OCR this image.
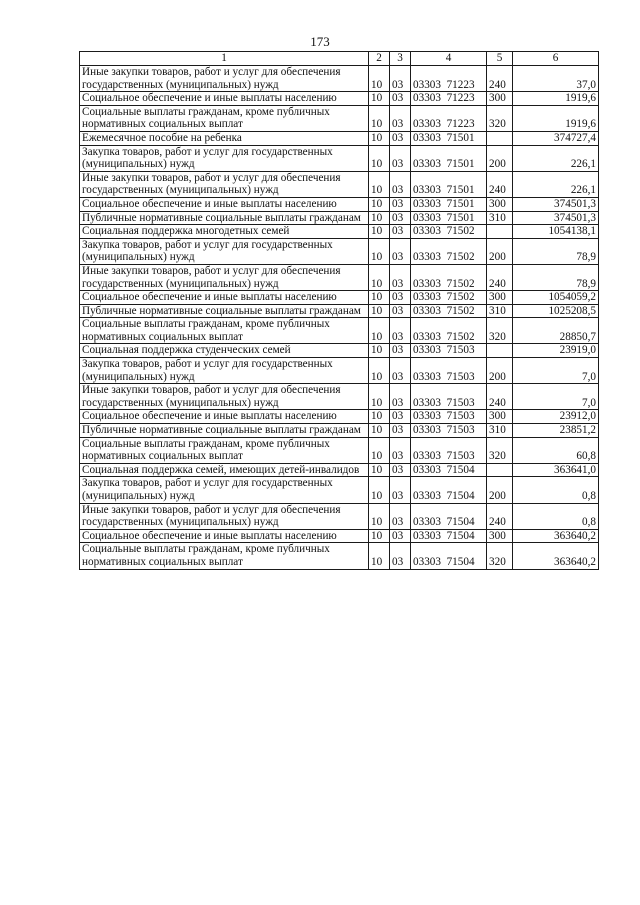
173
1	2	3	4	5	6
Иные закупки товаров, работ и услуг для обеспечения государственных (муниципальных) нужд	10	03	03303  71223	240	37,0
Социальное обеспечение и иные выплаты населению	10	03	03303  71223	300	1919,6
Социальные выплаты гражданам, кроме публичных нормативных социальных выплат	10	03	03303  71223	320	1919,6
Ежемесячное пособие на ребенка	10	03	03303  71501		374727,4
Закупка товаров, работ и услуг для государственных (муниципальных) нужд	10	03	03303  71501	200	226,1
Иные закупки товаров, работ и услуг для обеспечения государственных (муниципальных) нужд	10	03	03303  71501	240	226,1
Социальное обеспечение и иные выплаты населению	10	03	03303  71501	300	374501,3
Публичные нормативные социальные выплаты гражданам	10	03	03303  71501	310	374501,3
Социальная поддержка многодетных семей	10	03	03303  71502		1054138,1
Закупка товаров, работ и услуг для государственных (муниципальных) нужд	10	03	03303  71502	200	78,9
Иные закупки товаров, работ и услуг для обеспечения государственных (муниципальных) нужд	10	03	03303  71502	240	78,9
Социальное обеспечение и иные выплаты населению	10	03	03303  71502	300	1054059,2
Публичные нормативные социальные выплаты гражданам	10	03	03303  71502	310	1025208,5
Социальные выплаты гражданам, кроме публичных нормативных социальных выплат	10	03	03303  71502	320	28850,7
Социальная поддержка студенческих семей	10	03	03303  71503		23919,0
Закупка товаров, работ и услуг для государственных (муниципальных) нужд	10	03	03303  71503	200	7,0
Иные закупки товаров, работ и услуг для обеспечения государственных (муниципальных) нужд	10	03	03303  71503	240	7,0
Социальное обеспечение и иные выплаты населению	10	03	03303  71503	300	23912,0
Публичные нормативные социальные выплаты гражданам	10	03	03303  71503	310	23851,2
Социальные выплаты гражданам, кроме публичных нормативных социальных выплат	10	03	03303  71503	320	60,8
Социальная поддержка семей, имеющих детей-инвалидов	10	03	03303  71504		363641,0
Закупка товаров, работ и услуг для государственных (муниципальных) нужд	10	03	03303  71504	200	0,8
Иные закупки товаров, работ и услуг для обеспечения государственных (муниципальных) нужд	10	03	03303  71504	240	0,8
Социальное обеспечение и иные выплаты населению	10	03	03303  71504	300	363640,2
Социальные выплаты гражданам, кроме публичных нормативных социальных выплат	10	03	03303  71504	320	363640,2
